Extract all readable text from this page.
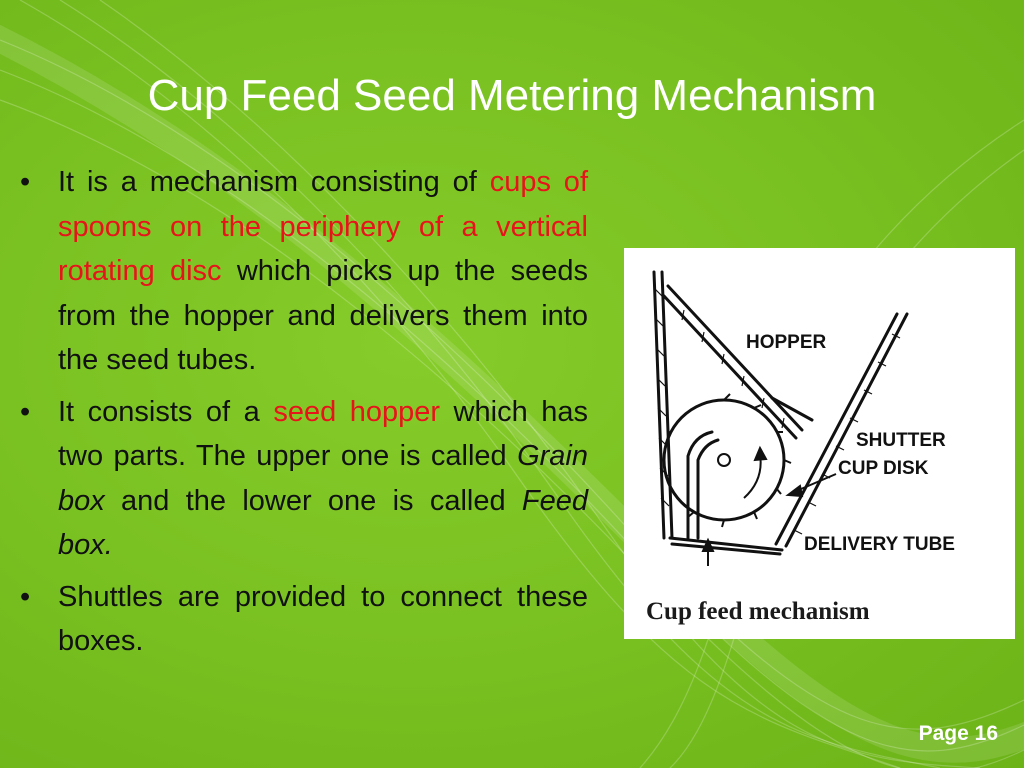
Cup Feed Seed Metering Mechanism
• It is a mechanism consisting of cups of spoons on the periphery of a vertical rotating disc which picks up the seeds from the hopper and delivers them into the seed tubes.
• It consists of a seed hopper which has two parts. The upper one is called Grain box and the lower one is called Feed box.
• Shuttles are provided to connect these boxes.
HOPPER
SHUTTER
CUP DISK
DELIVERY TUBE

Cup feed mechanism

Page 16
